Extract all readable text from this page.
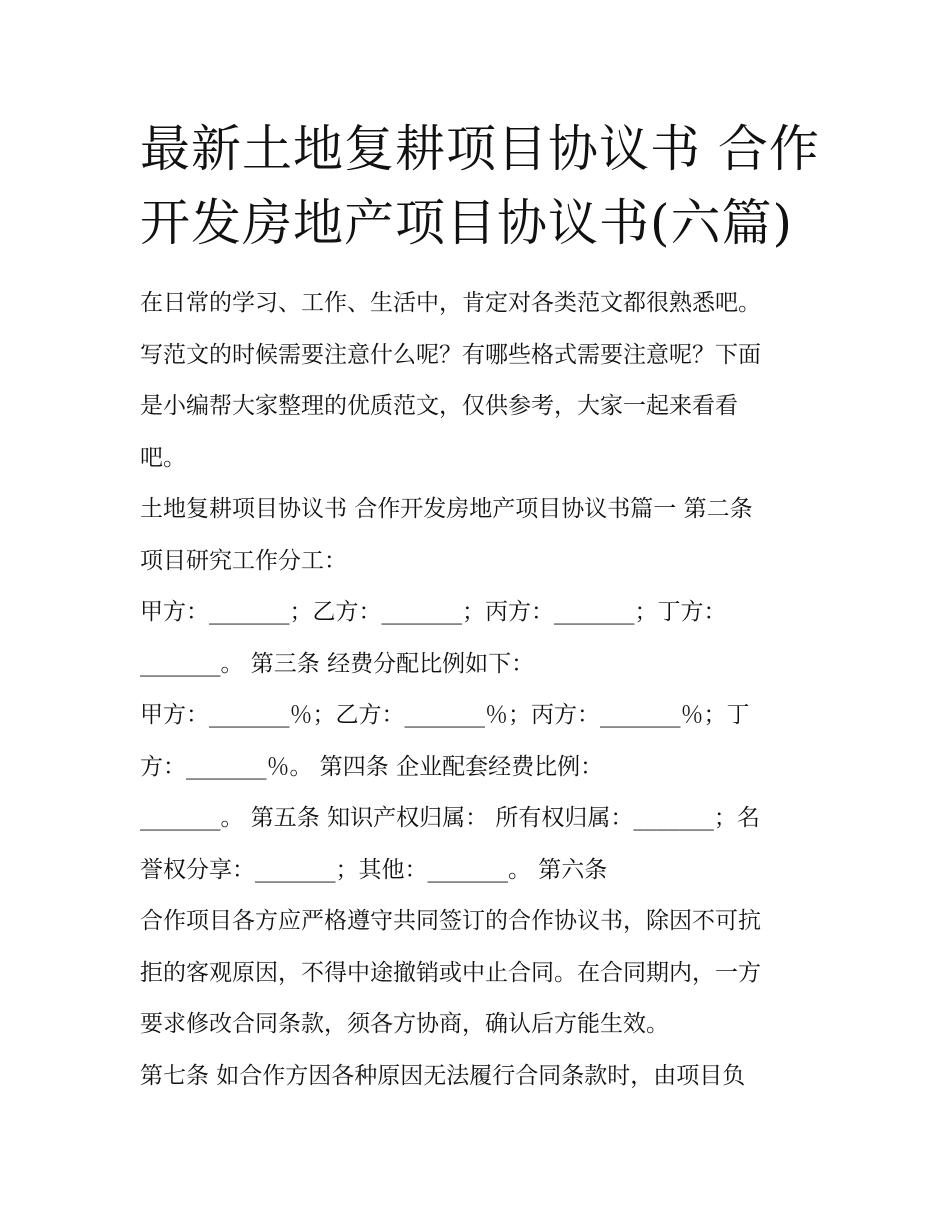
最新土地复耕项目协议书 合作
开发房地产项目协议书(六篇)

在日常的学习、工作、生活中，肯定对各类范文都很熟悉吧。
写范文的时候需要注意什么呢？有哪些格式需要注意呢？下面
是小编帮大家整理的优质范文，仅供参考，大家一起来看看
吧。

土地复耕项目协议书 合作开发房地产项目协议书篇一 第二条
项目研究工作分工：

甲方：_______；乙方：_______；丙方：_______；丁方：
_______。 第三条 经费分配比例如下：

甲方：_______％；乙方：_______％；丙方：_______％；丁
方：_______％。 第四条 企业配套经费比例：

_______。 第五条 知识产权归属： 所有权归属：_______；名
誉权分享：_______；其他：_______。 第六条

合作项目各方应严格遵守共同签订的合作协议书，除因不可抗
拒的客观原因，不得中途撤销或中止合同。在合同期内，一方
要求修改合同条款，须各方协商，确认后方能生效。

第七条 如合作方因各种原因无法履行合同条款时，由项目负
